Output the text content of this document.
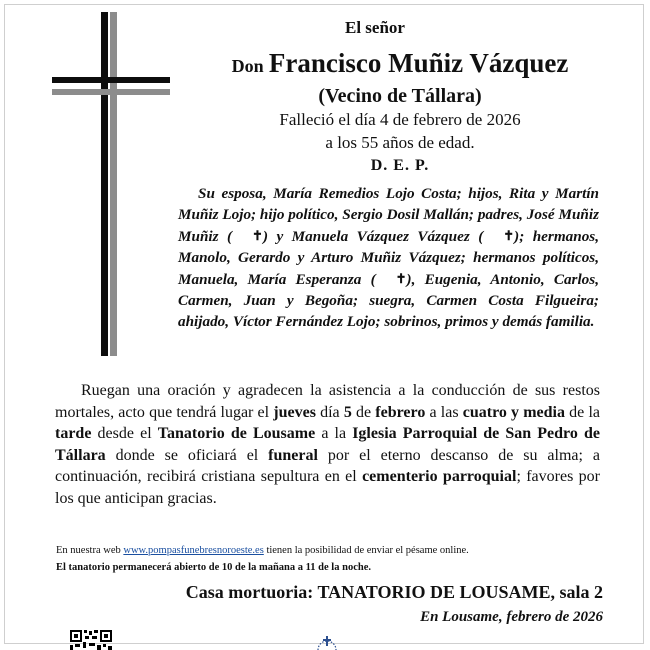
El señor
Don Francisco Muñiz Vázquez
(Vecino de Tállara)
Falleció el día 4 de febrero de 2026
a los 55 años de edad.
D. E. P.
Su esposa, María Remedios Lojo Costa; hijos, Rita y Martín Muñiz Lojo; hijo político, Sergio Dosil Mallán; padres, José Muñiz Muñiz ( ✝) y Manuela Vázquez Vázquez ( ✝); hermanos, Manolo, Gerardo y Arturo Muñiz Vázquez; hermanos políticos, Manuela, María Esperanza ( ✝), Eugenia, Antonio, Carlos, Carmen, Juan y Begoña; suegra, Carmen Costa Filgueira; ahijado, Víctor Fernández Lojo; sobrinos, primos y demás familia.
Ruegan una oración y agradecen la asistencia a la conducción de sus restos mortales, acto que tendrá lugar el jueves día 5 de febrero a las cuatro y media de la tarde desde el Tanatorio de Lousame a la Iglesia Parroquial de San Pedro de Tállara donde se oficiará el funeral por el eterno descanso de su alma; a continuación, recibirá cristiana sepultura en el cementerio parroquial; favores por los que anticipan gracias.
En nuestra web www.pompasfunebresnoroeste.es tienen la posibilidad de enviar el pésame online.
El tanatorio permanecerá abierto de 10 de la mañana a 11 de la noche.
Casa mortuoria: TANATORIO DE LOUSAME, sala 2
En Lousame, febrero de 2026
